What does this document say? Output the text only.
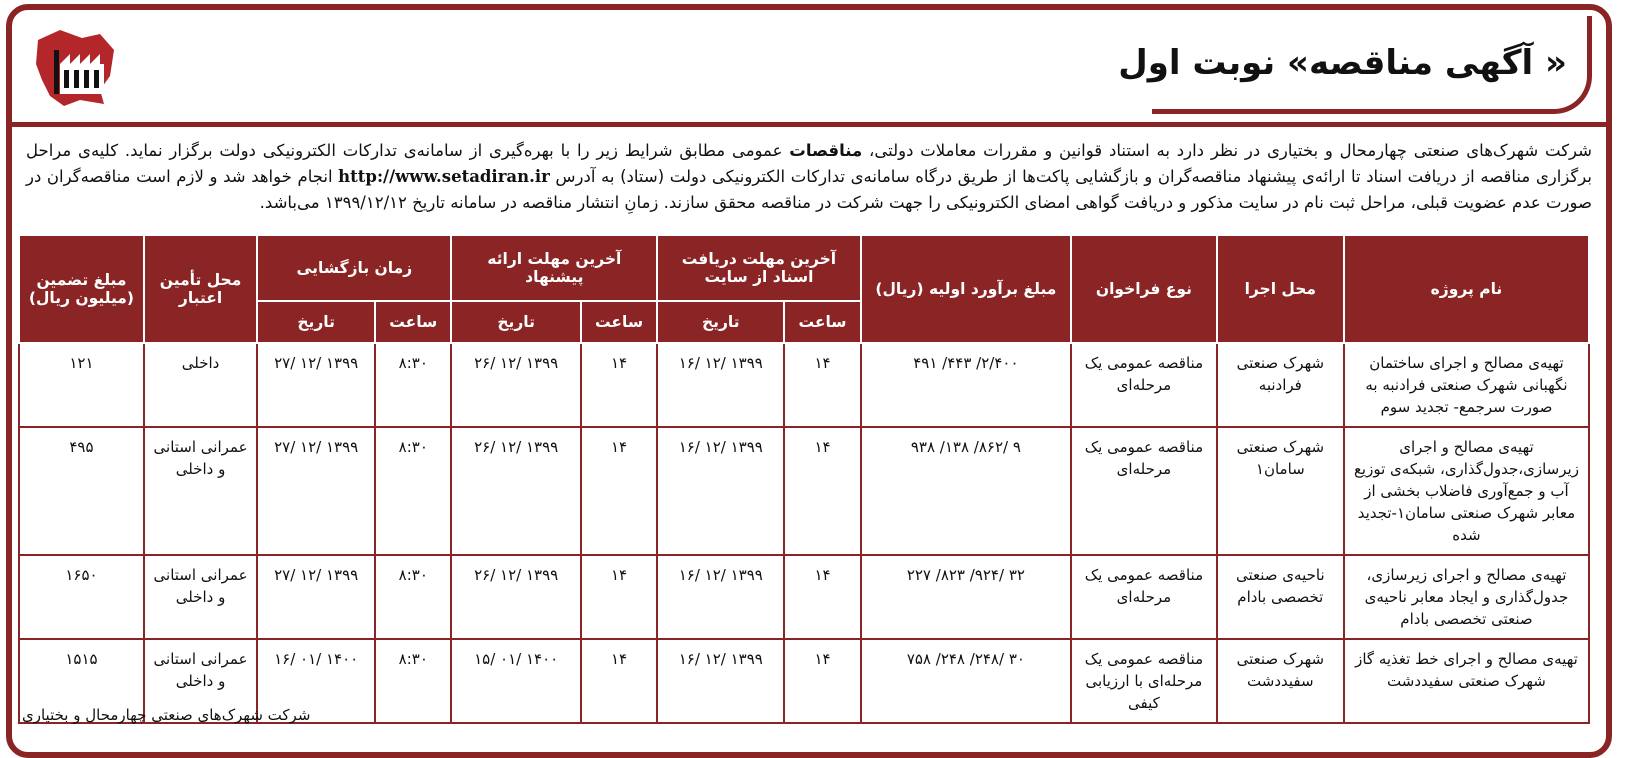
« آگهی مناقصه» نوبت اول
شرکت شهرک‌های صنعتی چهارمحال و بختیاری در نظر دارد به استناد قوانین و مقررات معاملات دولتی، مناقصات عمومی مطابق شرایط زیر را با بهره‌گیری از سامانه‌ی تدارکات الکترونیکی دولت برگزار نماید. کلیه‌ی مراحل برگزاری مناقصه از دریافت اسناد تا ارائه‌ی پیشنهاد مناقصه‌گران و بازگشایی پاکت‌ها از طریق درگاه سامانه‌ی تدارکات الکترونیکی دولت (ستاد) به آدرس http://www.setadiran.ir انجام خواهد شد و لازم است مناقصه‌گران در صورت عدم عضویت قبلی، مراحل ثبت نام در سایت مذکور و دریافت گواهی امضای الکترونیکی را جهت شرکت در مناقصه محقق سازند. زمانِ انتشار مناقصه در سامانه تاریخ ۱۳۹۹/۱۲/۱۲ می‌باشد.
نام پروژه	محل اجرا	نوع فراخوان	مبلغ برآورد اولیه (ریال)	آخرین مهلت دریافت اسناد از سایت		آخرین مهلت ارائه پیشنهاد		زمان بازگشایی		محل تأمین اعتبار	مبلغ تضمین (میلیون ریال)
				ساعت	تاریخ	ساعت	تاریخ	ساعت	تاریخ		
تهیه‌ی مصالح و اجرای ساختمان نگهبانی شهرک صنعتی فرادنبه به صورت سرجمع- تجدید سوم	شهرک صنعتی فرادنبه	مناقصه عمومی یک مرحله‌ای	۲/۴۰۰/ ۴۴۳/ ۴۹۱	۱۴	۱۳۹۹ /۱۲ /۱۶	۱۴	۱۳۹۹ /۱۲ /۲۶	۸:۳۰	۱۳۹۹ /۱۲ /۲۷	داخلی	۱۲۱
تهیه‌ی مصالح و اجرای زیرسازی،جدول‌گذاری، شبکه‌ی توزیع آب و جمع‌آوری فاضلاب بخشی از معابر شهرک صنعتی سامان۱-تجدید شده	شهرک صنعتی سامان۱	مناقصه عمومی یک مرحله‌ای	۹ /۸۶۲/ ۱۳۸/ ۹۳۸	۱۴	۱۳۹۹ /۱۲ /۱۶	۱۴	۱۳۹۹ /۱۲ /۲۶	۸:۳۰	۱۳۹۹ /۱۲ /۲۷	عمرانی استانی و داخلی	۴۹۵
تهیه‌ی مصالح و اجرای زیرسازی، جدول‌گذاری و ایجاد معابر ناحیه‌ی صنعتی تخصصی بادام	ناحیه‌ی صنعتی تخصصی بادام	مناقصه عمومی یک مرحله‌ای	۳۲ /۹۲۴/ ۸۲۳/ ۲۲۷	۱۴	۱۳۹۹ /۱۲ /۱۶	۱۴	۱۳۹۹ /۱۲ /۲۶	۸:۳۰	۱۳۹۹ /۱۲ /۲۷	عمرانی استانی و داخلی	۱۶۵۰
تهیه‌ی مصالح و اجرای خط تغذیه گاز شهرک صنعتی سفیددشت	شهرک صنعتی سفیددشت	مناقصه عمومی یک مرحله‌ای با ارزیابی کیفی	۳۰ /۲۴۸/ ۲۴۸/ ۷۵۸	۱۴	۱۳۹۹ /۱۲ /۱۶	۱۴	۱۴۰۰ /۰۱ /۱۵	۸:۳۰	۱۴۰۰ /۰۱ /۱۶	عمرانی استانی و داخلی	۱۵۱۵
شرکت شهرک‌های صنعتی چهارمحال و بختیاری
